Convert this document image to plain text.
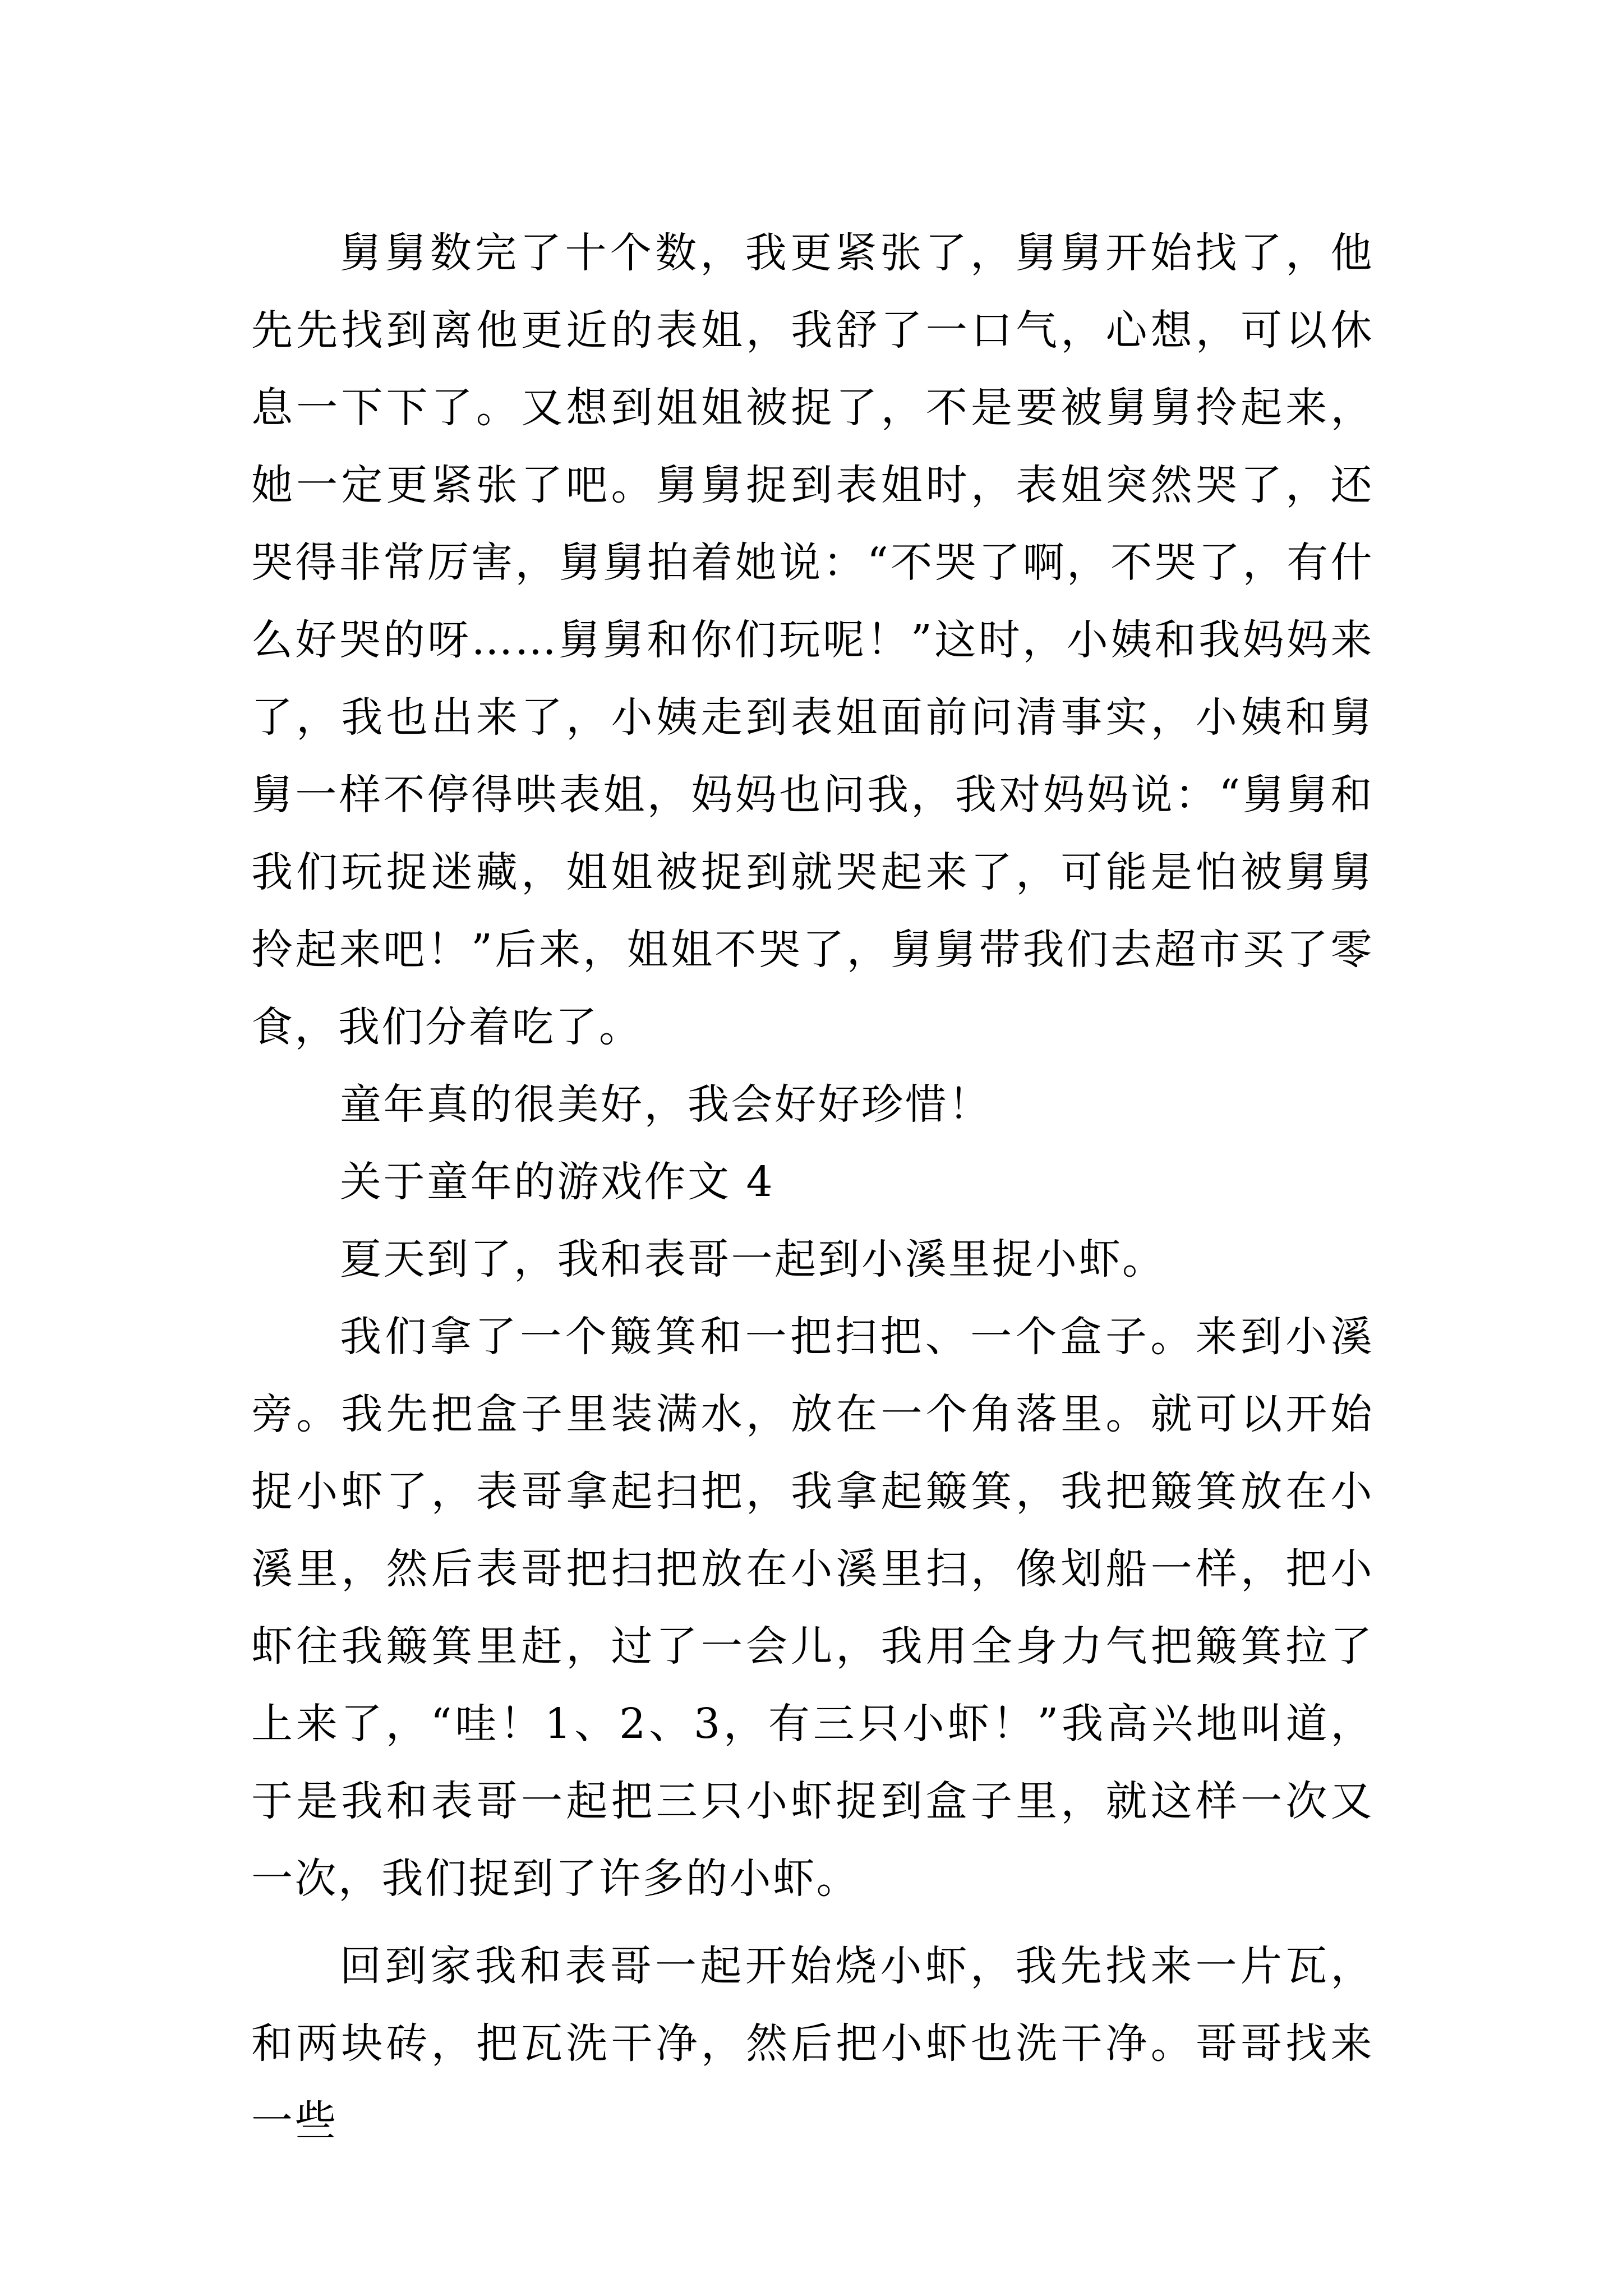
舅舅数完了十个数，我更紧张了，舅舅开始找了，他先先找到离他更近的表姐，我舒了一口气，心想，可以休息一下下了。又想到姐姐被捉了，不是要被舅舅拎起来，她一定更紧张了吧。舅舅捉到表姐时，表姐突然哭了，还哭得非常厉害，舅舅拍着她说：“不哭了啊，不哭了，有什么好哭的呀……舅舅和你们玩呢！”这时，小姨和我妈妈来了，我也出来了，小姨走到表姐面前问清事实，小姨和舅舅一样不停得哄表姐，妈妈也问我，我对妈妈说：“舅舅和我们玩捉迷藏，姐姐被捉到就哭起来了，可能是怕被舅舅拎起来吧！”后来，姐姐不哭了，舅舅带我们去超市买了零食，我们分着吃了。

童年真的很美好，我会好好珍惜！

关于童年的游戏作文 4

夏天到了，我和表哥一起到小溪里捉小虾。

我们拿了一个簸箕和一把扫把、一个盒子。来到小溪旁。我先把盒子里装满水，放在一个角落里。就可以开始捉小虾了，表哥拿起扫把，我拿起簸箕，我把簸箕放在小溪里，然后表哥把扫把放在小溪里扫，像划船一样，把小虾往我簸箕里赶，过了一会儿，我用全身力气把簸箕拉了上来了，“哇！1、2、3，有三只小虾！”我高兴地叫道，于是我和表哥一起把三只小虾捉到盒子里，就这样一次又一次，我们捉到了许多的小虾。

回到家我和表哥一起开始烧小虾，我先找来一片瓦，和两块砖，把瓦洗干净，然后把小虾也洗干净。哥哥找来一些
